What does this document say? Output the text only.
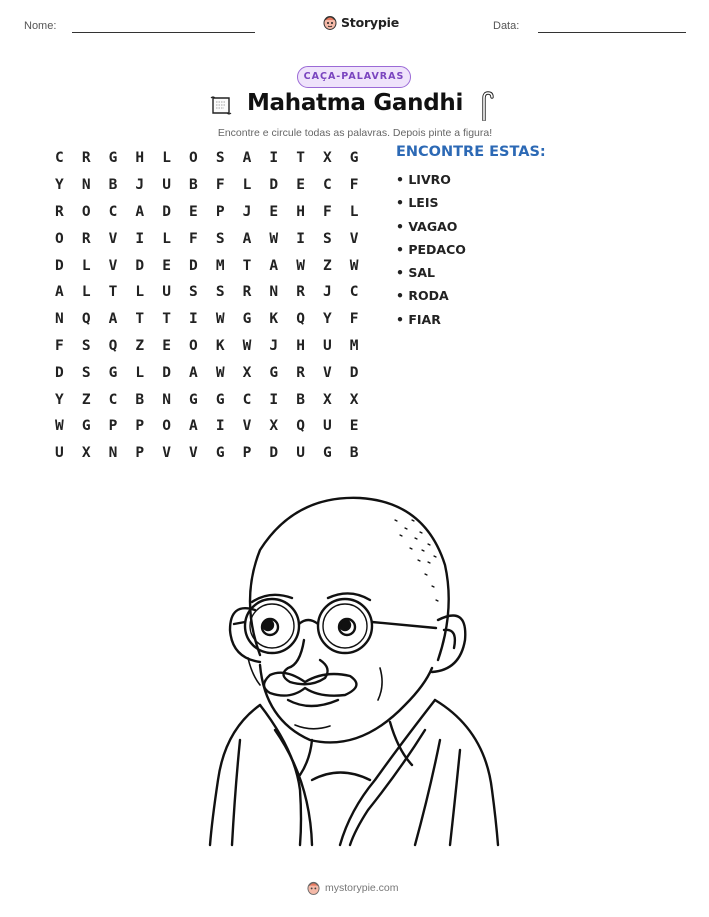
Nome:	Storypie	Data:
CAÇA-PALAVRAS
Mahatma Gandhi
Encontre e circule todas as palavras. Depois pinte a figura!
C	R	G	H	L	O	S	A	I	T	X	G
Y	N	B	J	U	B	F	L	D	E	C	F
R	O	C	A	D	E	P	J	E	H	F	L
O	R	V	I	L	F	S	A	W	I	S	V
D	L	V	D	E	D	M	T	A	W	Z	W
A	L	T	L	U	S	S	R	N	R	J	C
N	Q	A	T	T	I	W	G	K	Q	Y	F
F	S	Q	Z	E	O	K	W	J	H	U	M
D	S	G	L	D	A	W	X	G	R	V	D
Y	Z	C	B	N	G	G	C	I	B	X	X
W	G	P	P	O	A	I	V	X	Q	U	E
U	X	N	P	V	V	G	P	D	U	G	B
ENCONTRE ESTAS:
• LIVRO
• LEIS
• VAGAO
• PEDACO
• SAL
• RODA
• FIAR
mystorypie.com
